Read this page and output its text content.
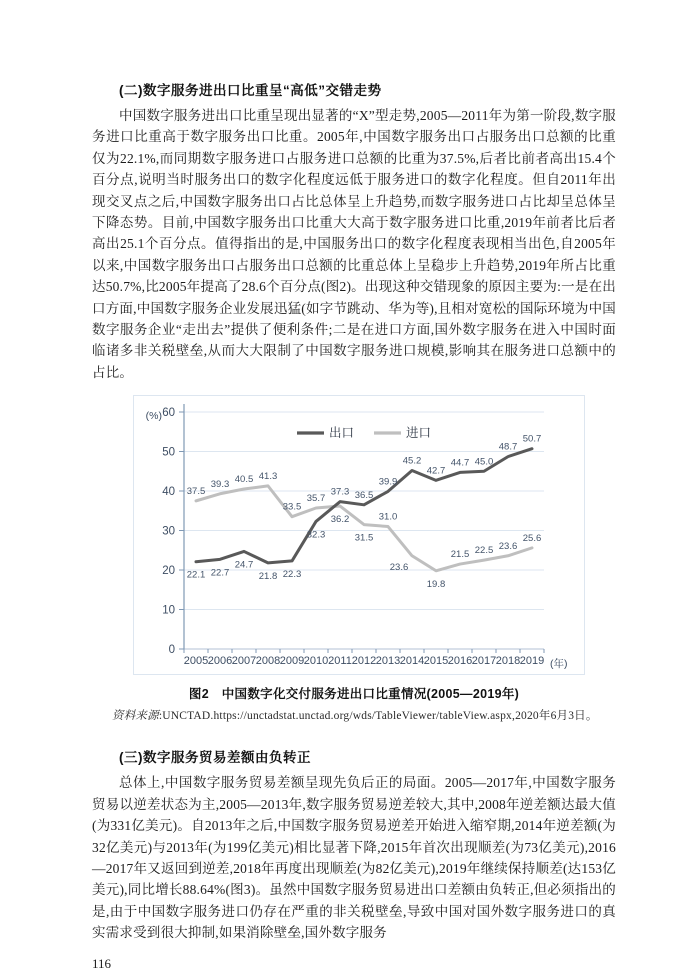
(二)数字服务进出口比重呈“高低”交错走势
中国数字服务进出口比重呈现出显著的“X”型走势,2005—2011年为第一阶段,数字服务进口比重高于数字服务出口比重。2005年,中国数字服务出口占服务出口总额的比重仅为22.1%,而同期数字服务进口占服务进口总额的比重为37.5%,后者比前者高出15.4个百分点,说明当时服务出口的数字化程度远低于服务进口的数字化程度。但自2011年出现交叉点之后,中国数字服务出口占比总体呈上升趋势,而数字服务进口占比却呈总体呈下降态势。目前,中国数字服务出口比重大大高于数字服务进口比重,2019年前者比后者高出25.1个百分点。值得指出的是,中国服务出口的数字化程度表现相当出色,自2005年以来,中国数字服务出口占服务出口总额的比重总体上呈稳步上升趋势,2019年所占比重达50.7%,比2005年提高了28.6个百分点(图2)。出现这种交错现象的原因主要为:一是在出口方面,中国数字服务企业发展迅猛(如字节跳动、华为等),且相对宽松的国际环境为中国数字服务企业“走出去”提供了便利条件;二是在进口方面,国外数字服务在进入中国时面临诸多非关税壁垒,从而大大限制了中国数字服务进口规模,影响其在服务进口总额中的占比。
0
10
20
30
40
50
60
2005 2006 2007 2008 2009 2010 2011 2012 2013 2014 2015 2016 2017 2018 2019
(%)
(年)
出口	进口
22.1 22.7
24.7
21.8 22.3
32.3
37.3 36.5
39.9
45.2
42.7
44.7 45.0
48.7
50.7
37.5
39.3 40.5 41.3
33.5
35.7
36.2
31.5
31.0
23.6
19.8
21.5 22.5 23.6
25.6
图2　中国数字化交付服务进出口比重情况(2005—2019年)
资料来源:UNCTAD.https://unctadstat.unctad.org/wds/TableViewer/tableView.aspx,2020年6月3日。
(三)数字服务贸易差额由负转正
总体上,中国数字服务贸易差额呈现先负后正的局面。2005—2017年,中国数字服务贸易以逆差状态为主,2005—2013年,数字服务贸易逆差较大,其中,2008年逆差额达最大值(为331亿美元)。自2013年之后,中国数字服务贸易逆差开始进入缩窄期,2014年逆差额(为32亿美元)与2013年(为199亿美元)相比显著下降,2015年首次出现顺差(为73亿美元),2016—2017年又返回到逆差,2018年再度出现顺差(为82亿美元),2019年继续保持顺差(达153亿美元),同比增长88.64%(图3)。虽然中国数字服务贸易进出口差额由负转正,但必须指出的是,由于中国数字服务进口仍存在严重的非关税壁垒,导致中国对国外数字服务进口的真实需求受到很大抑制,如果消除壁垒,国外数字服务
116
